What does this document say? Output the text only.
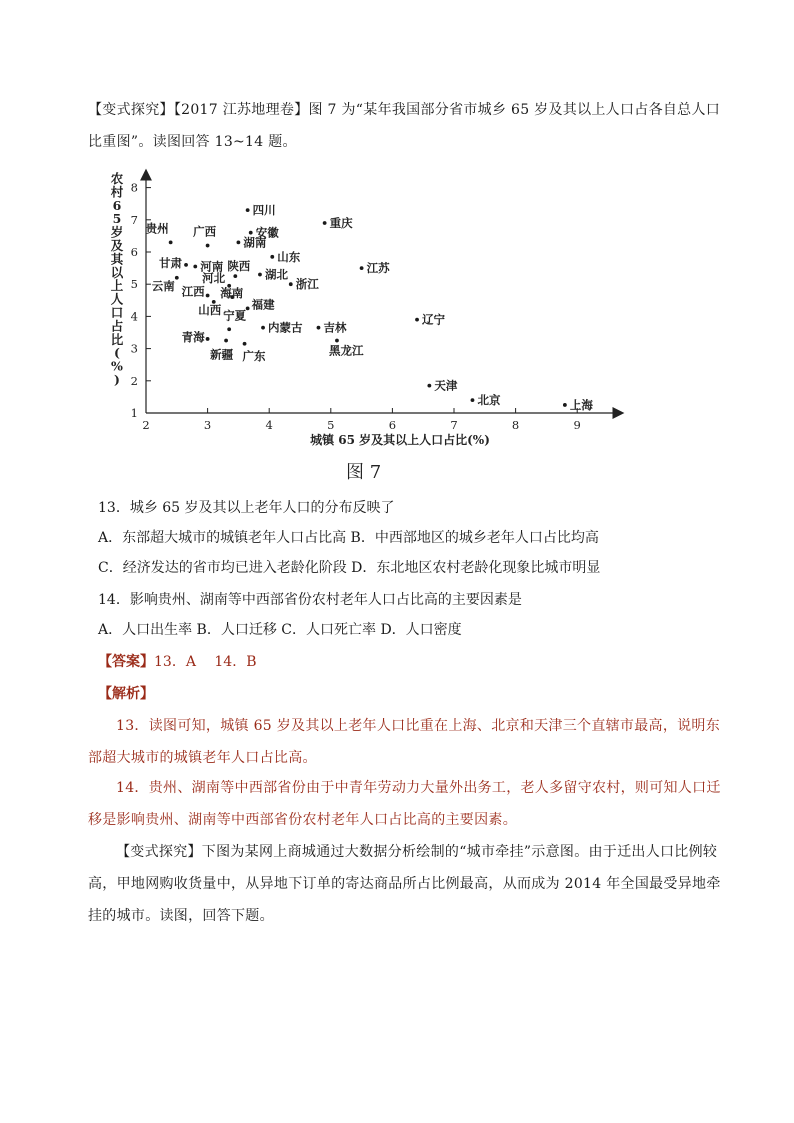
【变式探究】【2017 江苏地理卷】图 7 为“某年我国部分省市城乡 65 岁及其以上人口占各自总人口比重图”。读图回答 13~14 题。
2	3	4	5	6	7	8	9
1
2
3
4
5
6
7
8
四川
重庆
贵州 广西	安徽
湖南
甘肃 河南
山东
江苏
陕西
湖北
云南
河北	浙江
江西 海南
山西	福建
辽宁
宁夏
内蒙古 吉林
青海
新疆 广东	黑龙江
天津
北京	上海
城镇 65 岁及其以上人口占比(%)
农村 6 5 岁及其以上人口占比( % )
图 7
13．城乡 65 岁及其以上老年人口的分布反映了
A．东部超大城市的城镇老年人口占比高 B．中西部地区的城乡老年人口占比均高
C．经济发达的省市均已进入老龄化阶段 D．东北地区农村老龄化现象比城市明显
14．影响贵州、湖南等中西部省份农村老年人口占比高的主要因素是
A．人口出生率 B．人口迁移 C．人口死亡率 D．人口密度
【答案】13．A　 14．B
【解析】
13．读图可知，城镇 65 岁及其以上老年人口比重在上海、北京和天津三个直辖市最高，说明东部超大城市的城镇老年人口占比高。
14．贵州、湖南等中西部省份由于中青年劳动力大量外出务工，老人多留守农村，则可知人口迁移是影响贵州、湖南等中西部省份农村老年人口占比高的主要因素。
【变式探究】下图为某网上商城通过大数据分析绘制的“城市牵挂”示意图。由于迁出人口比例较高，甲地网购收货量中，从异地下订单的寄达商品所占比例最高，从而成为 2014 年全国最受异地牵挂的城市。读图，回答下题。
